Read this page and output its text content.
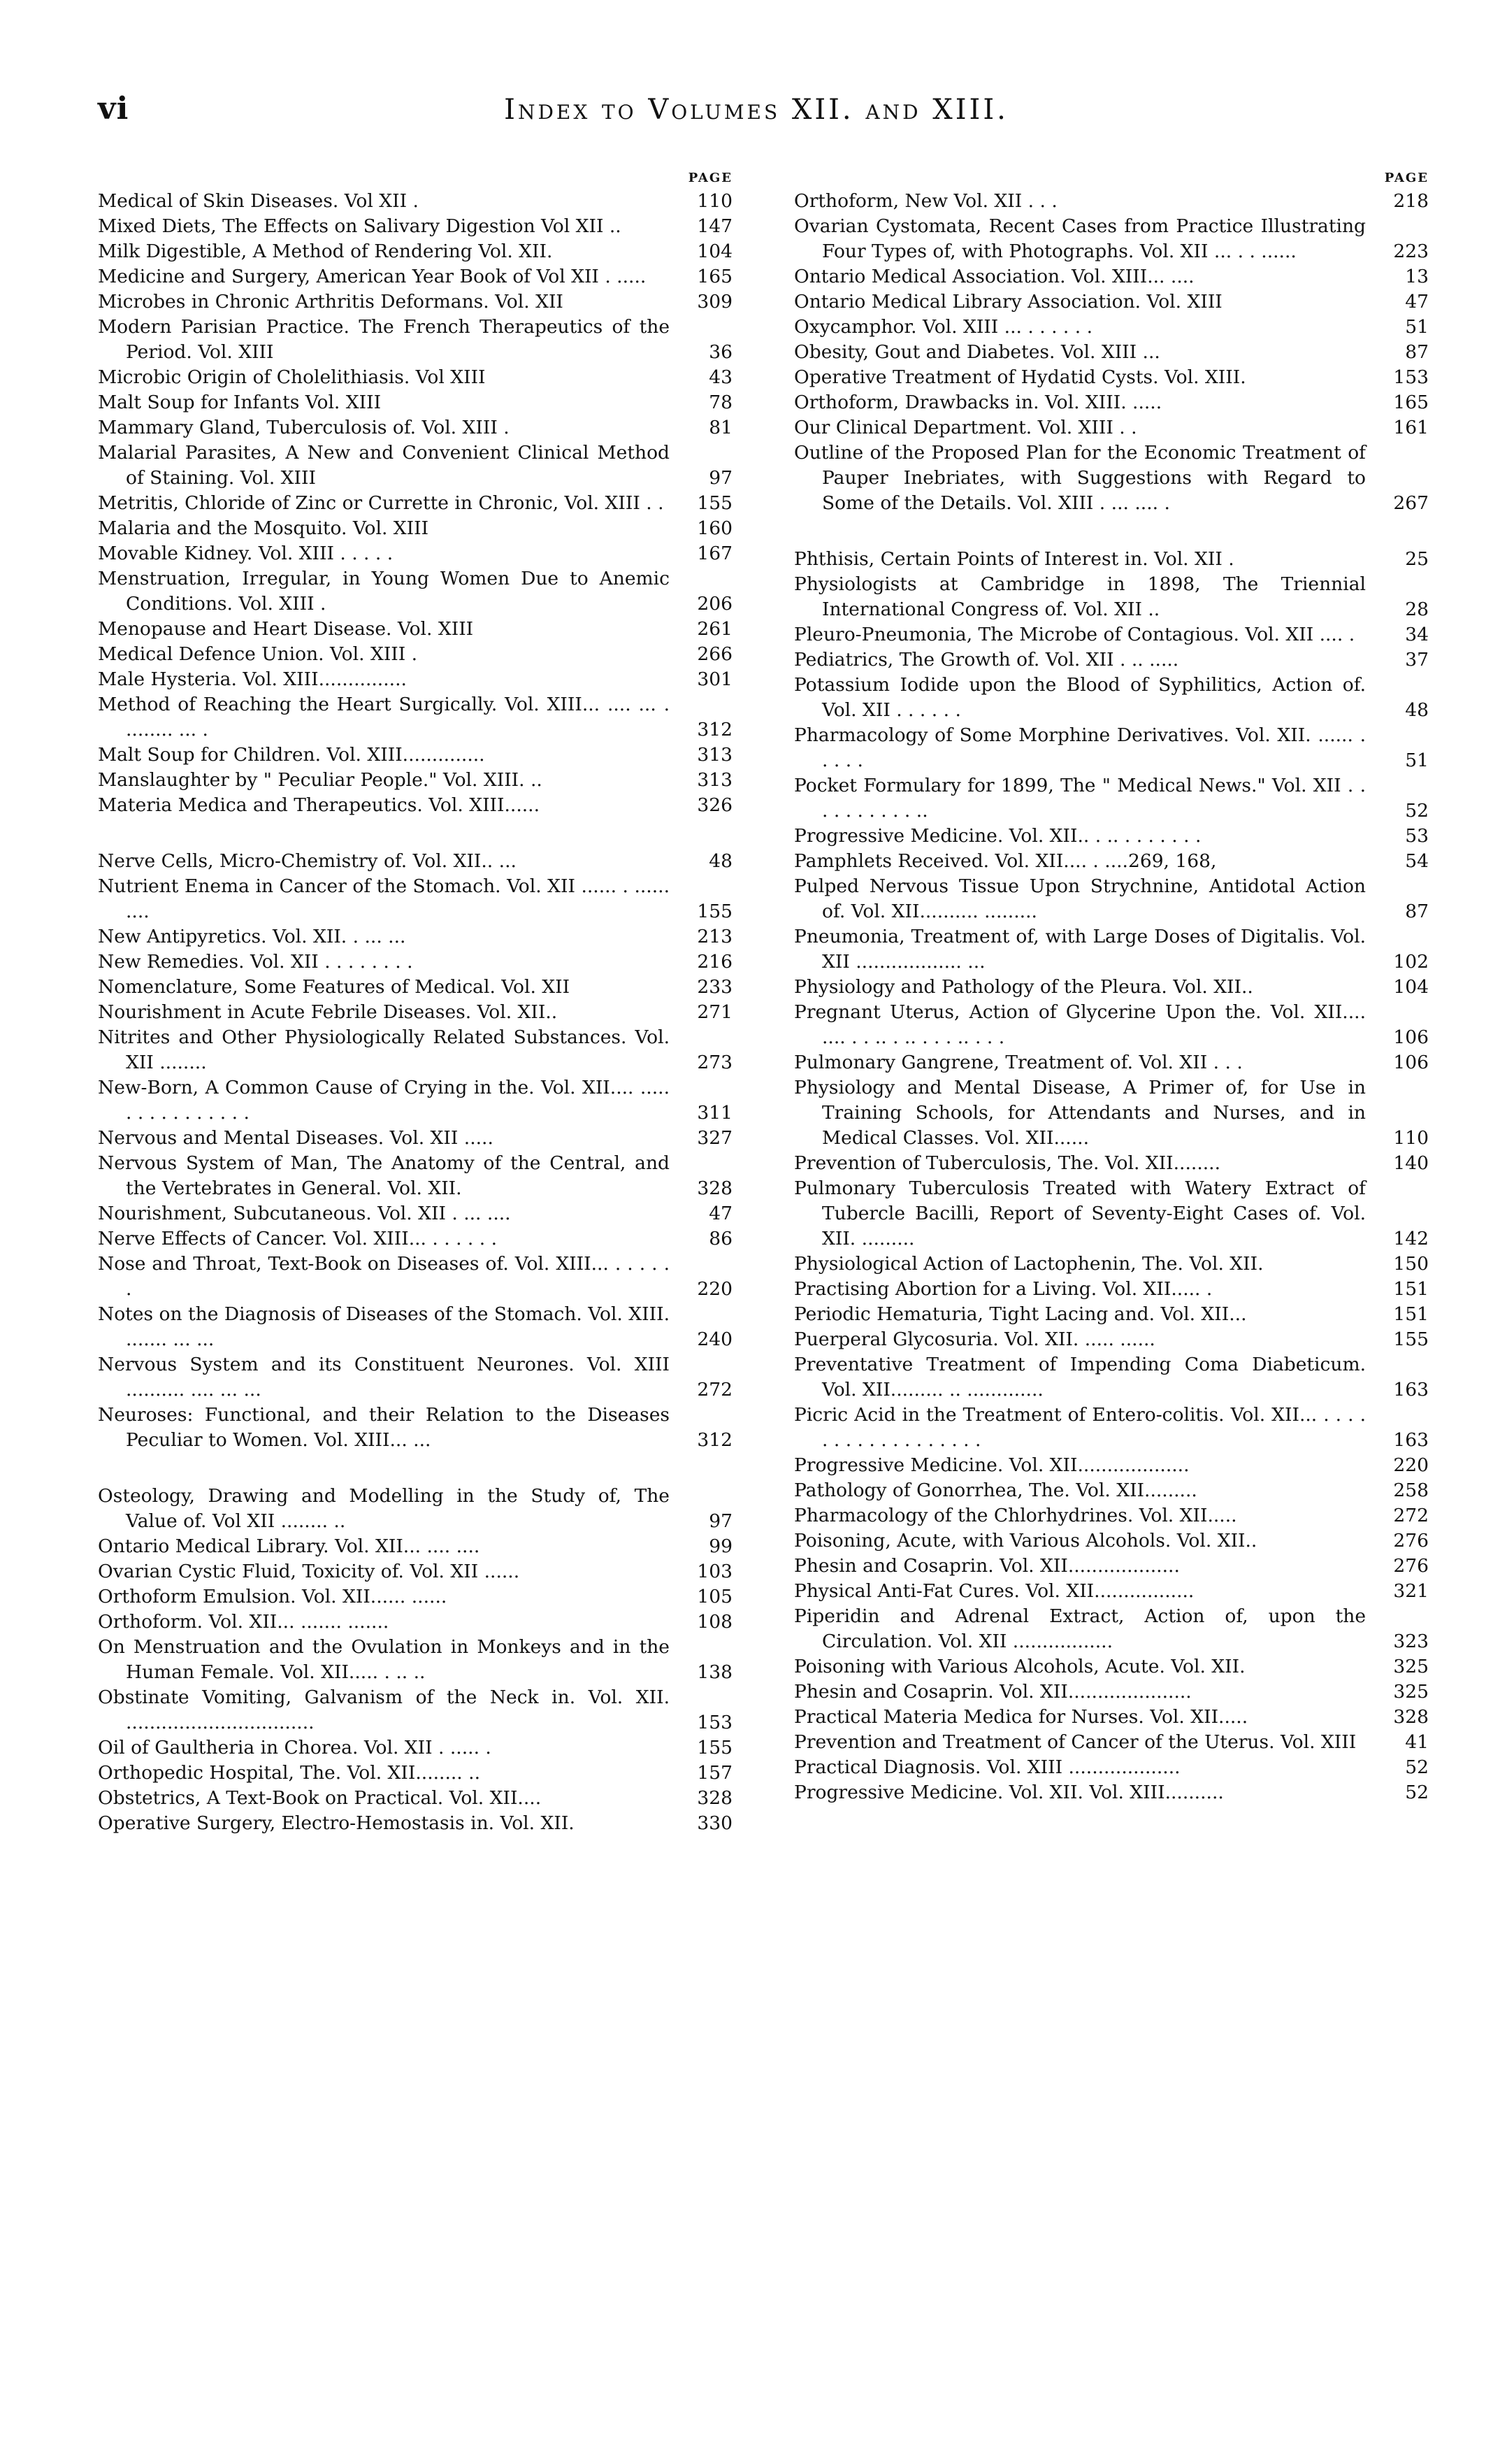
vi	Index to Volumes XII. and XIII.
PAGE
Medical of Skin Diseases. Vol XII .	110
Mixed Diets, The Effects on Salivary Digestion Vol XII ..	147
Milk Digestible, A Method of Rendering Vol. XII.	104
Medicine and Surgery, American Year Book of Vol XII . .....	165
Microbes in Chronic Arthritis Deformans. Vol. XII	309
Modern Parisian Practice. The French Therapeutics of the Period. Vol. XIII	36
Microbic Origin of Cholelithiasis. Vol XIII	43
Malt Soup for Infants Vol. XIII	78
Mammary Gland, Tuberculosis of. Vol. XIII .	81
Malarial Parasites, A New and Convenient Clinical Method of Staining. Vol. XIII	97
Metritis, Chloride of Zinc or Currette in Chronic, Vol. XIII . .	155
Malaria and the Mosquito. Vol. XIII	160
Movable Kidney. Vol. XIII . . . . .	167
Menstruation, Irregular, in Young Women Due to Anemic Conditions. Vol. XIII .	206
Menopause and Heart Disease. Vol. XIII	261
Medical Defence Union. Vol. XIII .	266
Male Hysteria. Vol. XIII...............	301
Method of Reaching the Heart Surgically. Vol. XIII... .... ... . ........ ... .	312
Malt Soup for Children. Vol. XIII..............	313
Manslaughter by " Peculiar People." Vol. XIII. ..	313
Materia Medica and Therapeutics. Vol. XIII......	326
Nerve Cells, Micro-Chemistry of. Vol. XII.. ...	48
Nutrient Enema in Cancer of the Stomach. Vol. XII ...... . ...... ....	155
New Antipyretics. Vol. XII. . ... ...	213
New Remedies. Vol. XII . . . . . . . .	216
Nomenclature, Some Features of Medical. Vol. XII	233
Nourishment in Acute Febrile Diseases. Vol. XII..	271
Nitrites and Other Physiologically Related Substances. Vol. XII ........	273
New-Born, A Common Cause of Crying in the. Vol. XII.... ..... . . . . . . . . . . .	311
Nervous and Mental Diseases. Vol. XII .....	327
Nervous System of Man, The Anatomy of the Central, and the Vertebrates in General. Vol. XII.	328
Nourishment, Subcutaneous. Vol. XII . ... ....	47
Nerve Effects of Cancer. Vol. XIII... . . . . . .	86
Nose and Throat, Text-Book on Diseases of. Vol. XIII... . . . . . .	220
Notes on the Diagnosis of Diseases of the Stomach. Vol. XIII. ....... ... ...	240
Nervous System and its Constituent Neurones. Vol. XIII .......... .... ... ...	272
Neuroses: Functional, and their Relation to the Diseases Peculiar to Women. Vol. XIII... ...	312
Osteology, Drawing and Modelling in the Study of, The Value of. Vol XII ........ ..	97
Ontario Medical Library. Vol. XII... .... ....	99
Ovarian Cystic Fluid, Toxicity of. Vol. XII ......	103
Orthoform Emulsion. Vol. XII...... ......	105
Orthoform. Vol. XII... ....... .......	108
On Menstruation and the Ovulation in Monkeys and in the Human Female. Vol. XII..... . .. ..	138
Obstinate Vomiting, Galvanism of the Neck in. Vol. XII. ................................	153
Oil of Gaultheria in Chorea. Vol. XII . ..... .	155
Orthopedic Hospital, The. Vol. XII........ ..	157
Obstetrics, A Text-Book on Practical. Vol. XII....	328
Operative Surgery, Electro-Hemostasis in. Vol. XII.	330
PAGE
Orthoform, New Vol. XII . . .	218
Ovarian Cystomata, Recent Cases from Practice Illustrating Four Types of, with Photographs. Vol. XII ... . . ......	223
Ontario Medical Association. Vol. XIII... ....	13
Ontario Medical Library Association. Vol. XIII	47
Oxycamphor. Vol. XIII ... . . . . . .	51
Obesity, Gout and Diabetes. Vol. XIII ...	87
Operative Treatment of Hydatid Cysts. Vol. XIII.	153
Orthoform, Drawbacks in. Vol. XIII. .....	165
Our Clinical Department. Vol. XIII . .	161
Outline of the Proposed Plan for the Economic Treatment of Pauper Inebriates, with Suggestions with Regard to Some of the Details. Vol. XIII . ... .... .	267
Phthisis, Certain Points of Interest in. Vol. XII .	25
Physiologists at Cambridge in 1898, The Triennial International Congress of. Vol. XII ..	28
Pleuro-Pneumonia, The Microbe of Contagious. Vol. XII .... .	34
Pediatrics, The Growth of. Vol. XII . .. .....	37
Potassium Iodide upon the Blood of Syphilitics, Action of. Vol. XII . . . . . .	48
Pharmacology of Some Morphine Derivatives. Vol. XII. ...... . . . . .	51
Pocket Formulary for 1899, The " Medical News." Vol. XII . . . . . . . . . . ..	52
Progressive Medicine. Vol. XII.. . .. . . . . . . .	53
Pamphlets Received. Vol. XII.... . ....269, 168,	54
Pulped Nervous Tissue Upon Strychnine, Antidotal Action of. Vol. XII.......... .........	87
Pneumonia, Treatment of, with Large Doses of Digitalis. Vol. XII .................. ...	102
Physiology and Pathology of the Pleura. Vol. XII..	104
Pregnant Uterus, Action of Glycerine Upon the. Vol. XII.... .... . . .. . .. . . . .. . . .	106
Pulmonary Gangrene, Treatment of. Vol. XII . . .	106
Physiology and Mental Disease, A Primer of, for Use in Training Schools, for Attendants and Nurses, and in Medical Classes. Vol. XII......	110
Prevention of Tuberculosis, The. Vol. XII........	140
Pulmonary Tuberculosis Treated with Watery Extract of Tubercle Bacilli, Report of Seventy-Eight Cases of. Vol. XII. .........	142
Physiological Action of Lactophenin, The. Vol. XII.	150
Practising Abortion for a Living. Vol. XII..... .	151
Periodic Hematuria, Tight Lacing and. Vol. XII...	151
Puerperal Glycosuria. Vol. XII. ..... ......	155
Preventative Treatment of Impending Coma Diabeticum. Vol. XII......... .. .............	163
Picric Acid in the Treatment of Entero-colitis. Vol. XII... . . . . . . . . . . . . . . . . . .	163
Progressive Medicine. Vol. XII...................	220
Pathology of Gonorrhea, The. Vol. XII.........	258
Pharmacology of the Chlorhydrines. Vol. XII.....	272
Poisoning, Acute, with Various Alcohols. Vol. XII..	276
Phesin and Cosaprin. Vol. XII...................	276
Physical Anti-Fat Cures. Vol. XII.................	321
Piperidin and Adrenal Extract, Action of, upon the Circulation. Vol. XII .................	323
Poisoning with Various Alcohols, Acute. Vol. XII.	325
Phesin and Cosaprin. Vol. XII.....................	325
Practical Materia Medica for Nurses. Vol. XII.....	328
Prevention and Treatment of Cancer of the Uterus. Vol. XIII	41
Practical Diagnosis. Vol. XIII ...................	52
Progressive Medicine. Vol. XII. Vol. XIII..........	52
